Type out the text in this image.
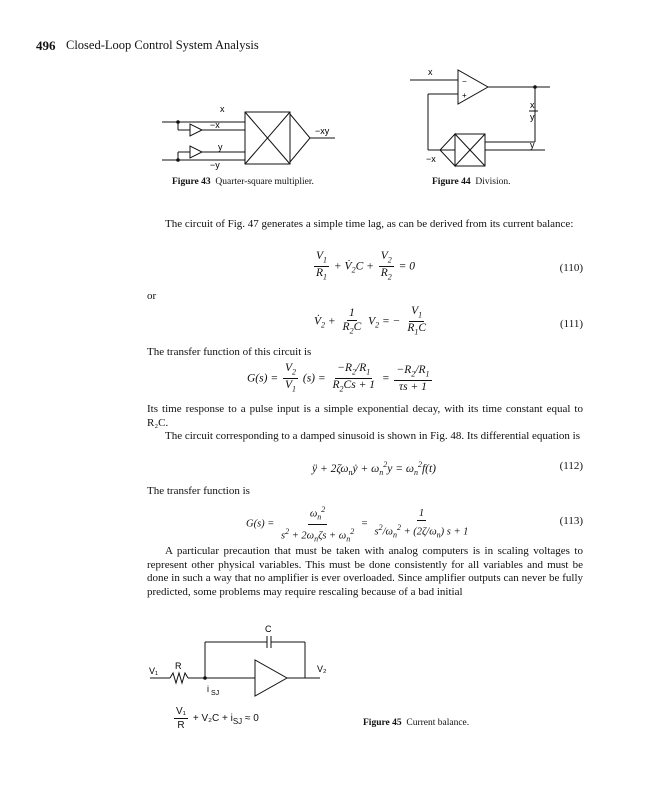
496 Closed-Loop Control System Analysis
x
−x
y
−y
−xy
Figure 43 Quarter-square multiplier.
x
−
+
x
y
y
−x
Figure 44 Division.
The circuit of Fig. 47 generates a simple time lag, as can be derived from its current balance:
$\frac{V_1}{R_1}$ + $V̇_2C + \frac{V_2}{R_2} = 0$	(110)
or
$V̇_2 + \frac{1}{R_2C} V_2$ = − $\frac{V_1}{R_1C}$	(111)
The transfer function of this circuit is
$G(s) = \frac{V_2}{V_1} (s) = \frac{-R_2/R_1}{R_2Cs + 1} = \frac{-R_2/R_1}{\tau s + 1}$
Its time response to a pulse input is a simple exponential decay, with its time constant equal to R₂C.
The circuit corresponding to a damped sinusoid is shown in Fig. 48. Its differential equation is
ÿ + $2\zeta\omega_nẏ + \omega_n^2y = \omega_n^2f(t)$	(112)
The transfer function is
$G(s) = \frac{\omega_n^2}{s^2 + 2\omega_n\zeta s + \omega_n^2} = \frac{1}{s^2/\omega_n^2 + (2\zeta/\omega_n) s + 1}$	(113)
A particular precaution that must be taken with analog computers is in scaling voltages to represent other physical variables. This must be done consistently for all variables and must be done in such a way that no amplifier is ever overloaded. Since amplifier outputs can never be fully predicted, some problems may require rescaling because of a bad initial
C
R
V₁	V₂
i SJ
$\frac{\text{V₁}}{R} + V_2C + i_{SJ} \approx 0$	Figure 45 Current balance.
